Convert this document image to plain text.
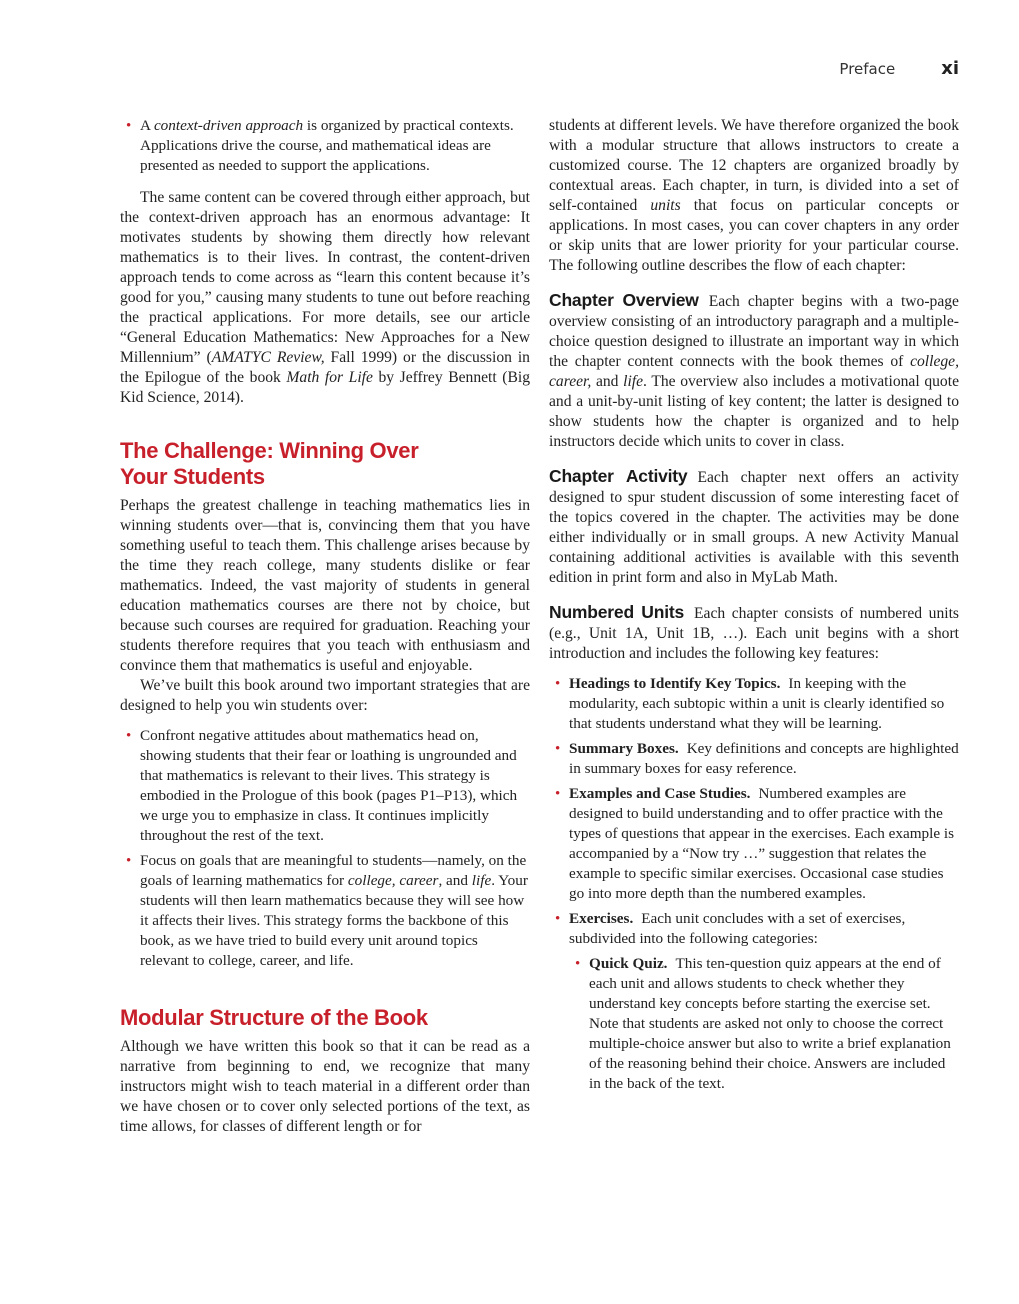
Preface	xi
• A context-driven approach is organized by practical contexts. Applications drive the course, and mathematical ideas are presented as needed to support the applications.

The same content can be covered through either approach, but the context-driven approach has an enormous advantage: It motivates students by showing them directly how relevant mathematics is to their lives. In contrast, the content-driven approach tends to come across as “learn this content because it’s good for you,” causing many students to tune out before reaching the practical applications. For more details, see our article “General Education Mathematics: New Approaches for a New Millennium” (AMATYC Review, Fall 1999) or the discussion in the Epilogue of the book Math for Life by Jeffrey Bennett (Big Kid Science, 2014).

The Challenge: Winning Over
Your Students

Perhaps the greatest challenge in teaching mathematics lies in winning students over—that is, convincing them that you have something useful to teach them. This challenge arises because by the time they reach college, many students dislike or fear mathematics. Indeed, the vast majority of students in general education mathematics courses are there not by choice, but because such courses are required for graduation. Reaching your students therefore requires that you teach with enthusiasm and convince them that mathematics is useful and enjoyable.

We’ve built this book around two important strategies that are designed to help you win students over:

• Confront negative attitudes about mathematics head on, showing students that their fear or loathing is ungrounded and that mathematics is relevant to their lives. This strategy is embodied in the Prologue of this book (pages P1–P13), which we urge you to emphasize in class. It continues implicitly throughout the rest of the text.
• Focus on goals that are meaningful to students—namely, on the goals of learning mathematics for college, career, and life. Your students will then learn mathematics because they will see how it affects their lives. This strategy forms the backbone of this book, as we have tried to build every unit around topics relevant to college, career, and life.
Modular Structure of the Book

Although we have written this book so that it can be read as a narrative from beginning to end, we recognize that many instructors might wish to teach material in a different order than we have chosen or to cover only selected portions of the text, as time allows, for classes of different length or for

students at different levels. We have therefore organized the book with a modular structure that allows instructors to create a customized course. The 12 chapters are organized broadly by contextual areas. Each chapter, in turn, is divided into a set of self-contained units that focus on particular concepts or applications. In most cases, you can cover chapters in any order or skip units that are lower priority for your particular course. The following outline describes the flow of each chapter:

Chapter Overview Each chapter begins with a two-page overview consisting of an introductory paragraph and a multiple-choice question designed to illustrate an important way in which the chapter content connects with the book themes of college, career, and life. The overview also includes a motivational quote and a unit-by-unit listing of key content; the latter is designed to show students how the chapter is organized and to help instructors decide which units to cover in class.

Chapter Activity Each chapter next offers an activity designed to spur student discussion of some interesting facet of the topics covered in the chapter. The activities may be done either individually or in small groups. A new Activity Manual containing additional activities is available with this seventh edition in print form and also in MyLab Math.

Numbered Units Each chapter consists of numbered units (e.g., Unit 1A, Unit 1B, …). Each unit begins with a short introduction and includes the following key features:

• Headings to Identify Key Topics. In keeping with the modularity, each subtopic within a unit is clearly identified so that students understand what they will be learning.
• Summary Boxes. Key definitions and concepts are highlighted in summary boxes for easy reference.
• Examples and Case Studies. Numbered examples are designed to build understanding and to offer practice with the types of questions that appear in the exercises. Each example is accompanied by a “Now try …” suggestion that relates the example to specific similar exercises. Occasional case studies go into more depth than the numbered examples.
• Exercises. Each unit concludes with a set of exercises, subdivided into the following categories:
• Quick Quiz. This ten-question quiz appears at the end of each unit and allows students to check whether they understand key concepts before starting the exercise set. Note that students are asked not only to choose the correct multiple-choice answer but also to write a brief explanation of the reasoning behind their choice. Answers are included in the back of the text.
